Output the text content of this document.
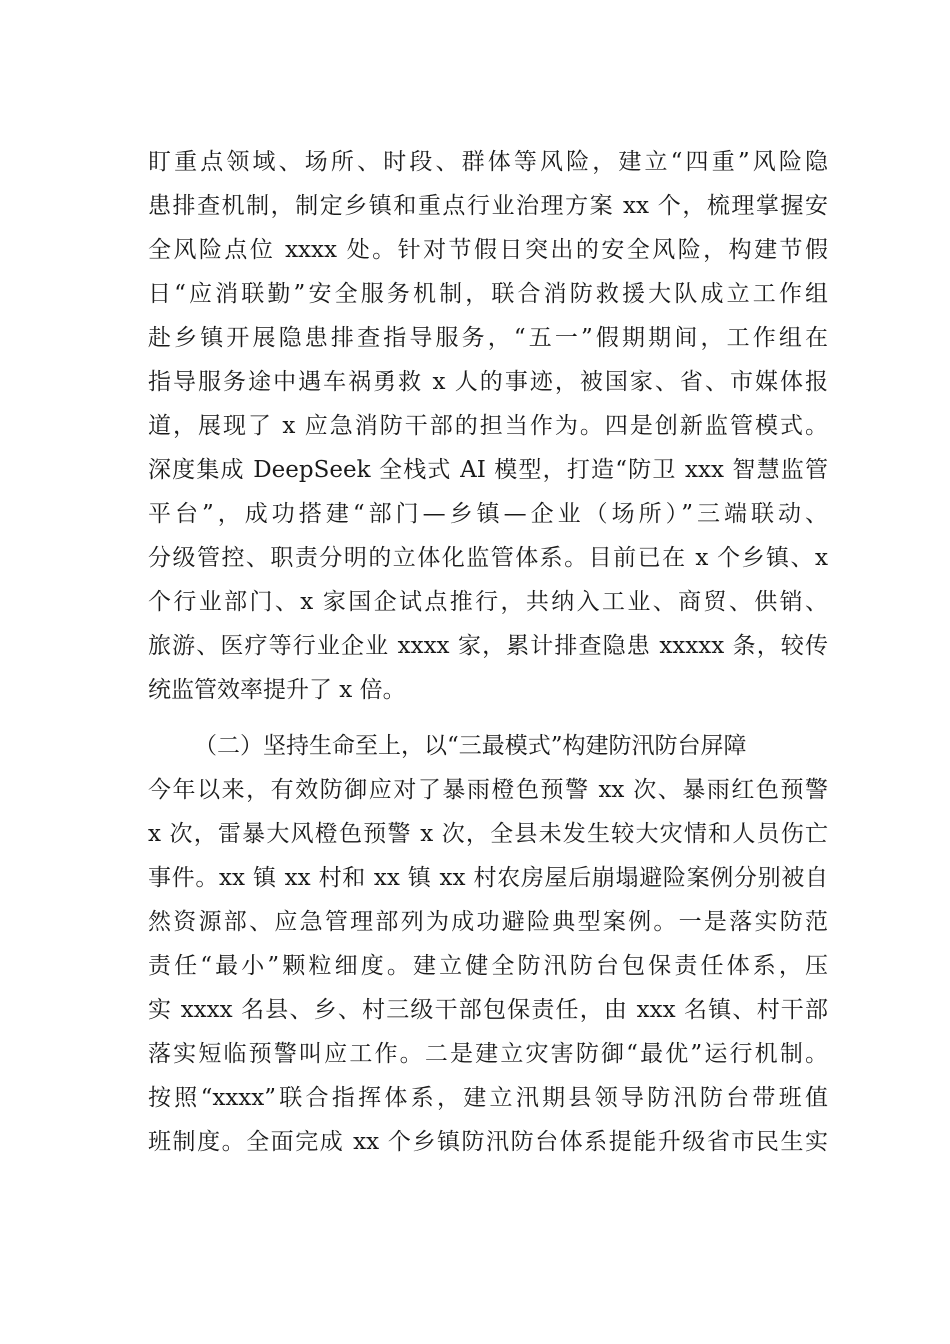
盯重点领域、场所、时段、群体等风险，建立“四重”风险隐
患排查机制，制定乡镇和重点行业治理方案 xx 个，梳理掌握安
全风险点位 xxxx 处。针对节假日突出的安全风险，构建节假
日“应消联勤”安全服务机制，联合消防救援大队成立工作组
赴乡镇开展隐患排查指导服务，“五一”假期期间，工作组在
指导服务途中遇车祸勇救 x 人的事迹，被国家、省、市媒体报
道，展现了 x 应急消防干部的担当作为。四是创新监管模式。
深度集成 DeepSeek 全栈式 AI 模型，打造“防卫 xxx 智慧监管
平台”，成功搭建“部门—乡镇—企业（场所）”三端联动、
分级管控、职责分明的立体化监管体系。目前已在 x 个乡镇、x
个行业部门、x 家国企试点推行，共纳入工业、商贸、供销、
旅游、医疗等行业企业 xxxx 家，累计排查隐患 xxxxx 条，较传
统监管效率提升了 x 倍。
（二）坚持生命至上，以“三最模式”构建防汛防台屏障
今年以来，有效防御应对了暴雨橙色预警 xx 次、暴雨红色预警
x 次，雷暴大风橙色预警 x 次，全县未发生较大灾情和人员伤亡
事件。xx 镇 xx 村和 xx 镇 xx 村农房屋后崩塌避险案例分别被自
然资源部、应急管理部列为成功避险典型案例。一是落实防范
责任“最小”颗粒细度。建立健全防汛防台包保责任体系，压
实 xxxx 名县、乡、村三级干部包保责任，由 xxx 名镇、村干部
落实短临预警叫应工作。二是建立灾害防御“最优”运行机制。
按照“xxxx”联合指挥体系，建立汛期县领导防汛防台带班值
班制度。全面完成 xx 个乡镇防汛防台体系提能升级省市民生实
